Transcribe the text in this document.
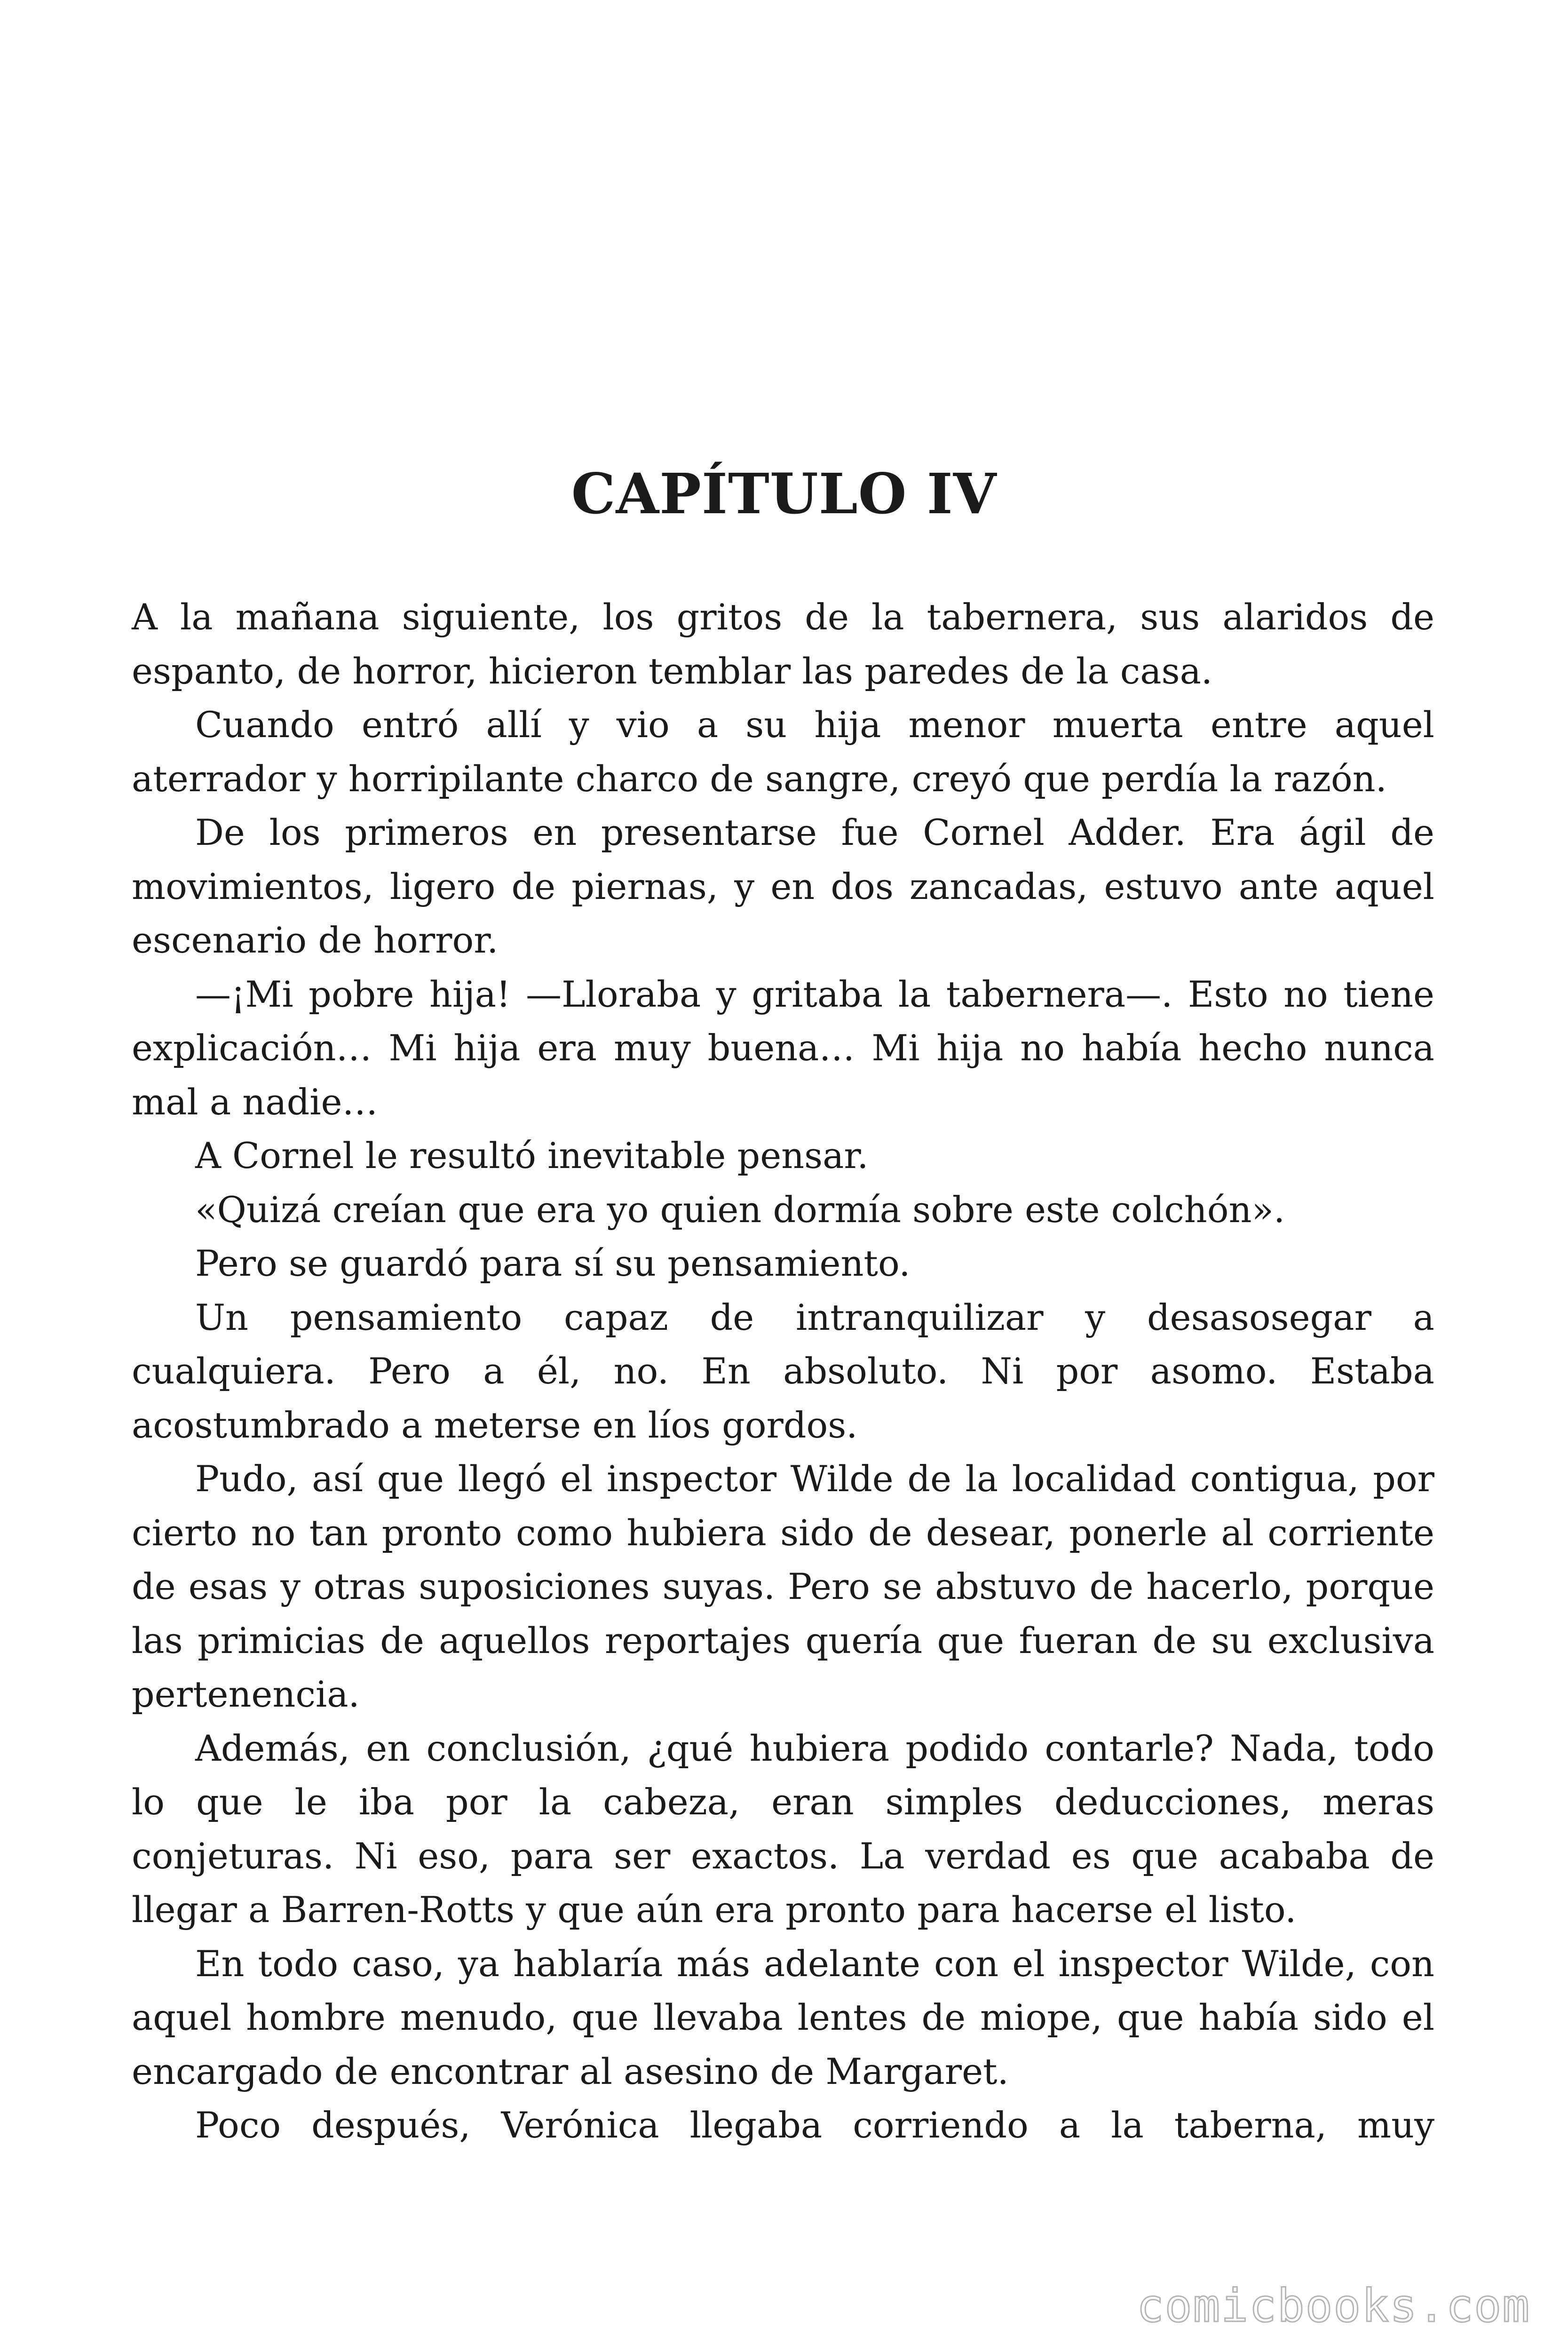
CAPÍTULO IV

A la mañana siguiente, los gritos de la tabernera, sus alaridos de espanto, de horror, hicieron temblar las paredes de la casa.

Cuando entró allí y vio a su hija menor muerta entre aquel aterrador y horripilante charco de sangre, creyó que perdía la razón.

De los primeros en presentarse fue Cornel Adder. Era ágil de movimientos, ligero de piernas, y en dos zancadas, estuvo ante aquel escenario de horror.

—¡Mi pobre hija! —Lloraba y gritaba la tabernera—. Esto no tiene explicación… Mi hija era muy buena… Mi hija no había hecho nunca mal a nadie…

A Cornel le resultó inevitable pensar.

«Quizá creían que era yo quien dormía sobre este colchón».

Pero se guardó para sí su pensamiento.

Un pensamiento capaz de intranquilizar y desasosegar a cualquiera. Pero a él, no. En absoluto. Ni por asomo. Estaba acostumbrado a meterse en líos gordos.

Pudo, así que llegó el inspector Wilde de la localidad contigua, por cierto no tan pronto como hubiera sido de desear, ponerle al corriente de esas y otras suposiciones suyas. Pero se abstuvo de hacerlo, porque las primicias de aquellos reportajes quería que fueran de su exclusiva pertenencia.

Además, en conclusión, ¿qué hubiera podido contarle? Nada, todo lo que le iba por la cabeza, eran simples deducciones, meras conjeturas. Ni eso, para ser exactos. La verdad es que acababa de llegar a Barren-Rotts y que aún era pronto para hacerse el listo.

En todo caso, ya hablaría más adelante con el inspector Wilde, con aquel hombre menudo, que llevaba lentes de miope, que había sido el encargado de encontrar al asesino de Margaret.

Poco después, Verónica llegaba corriendo a la taberna, muy

comicbooks.com
